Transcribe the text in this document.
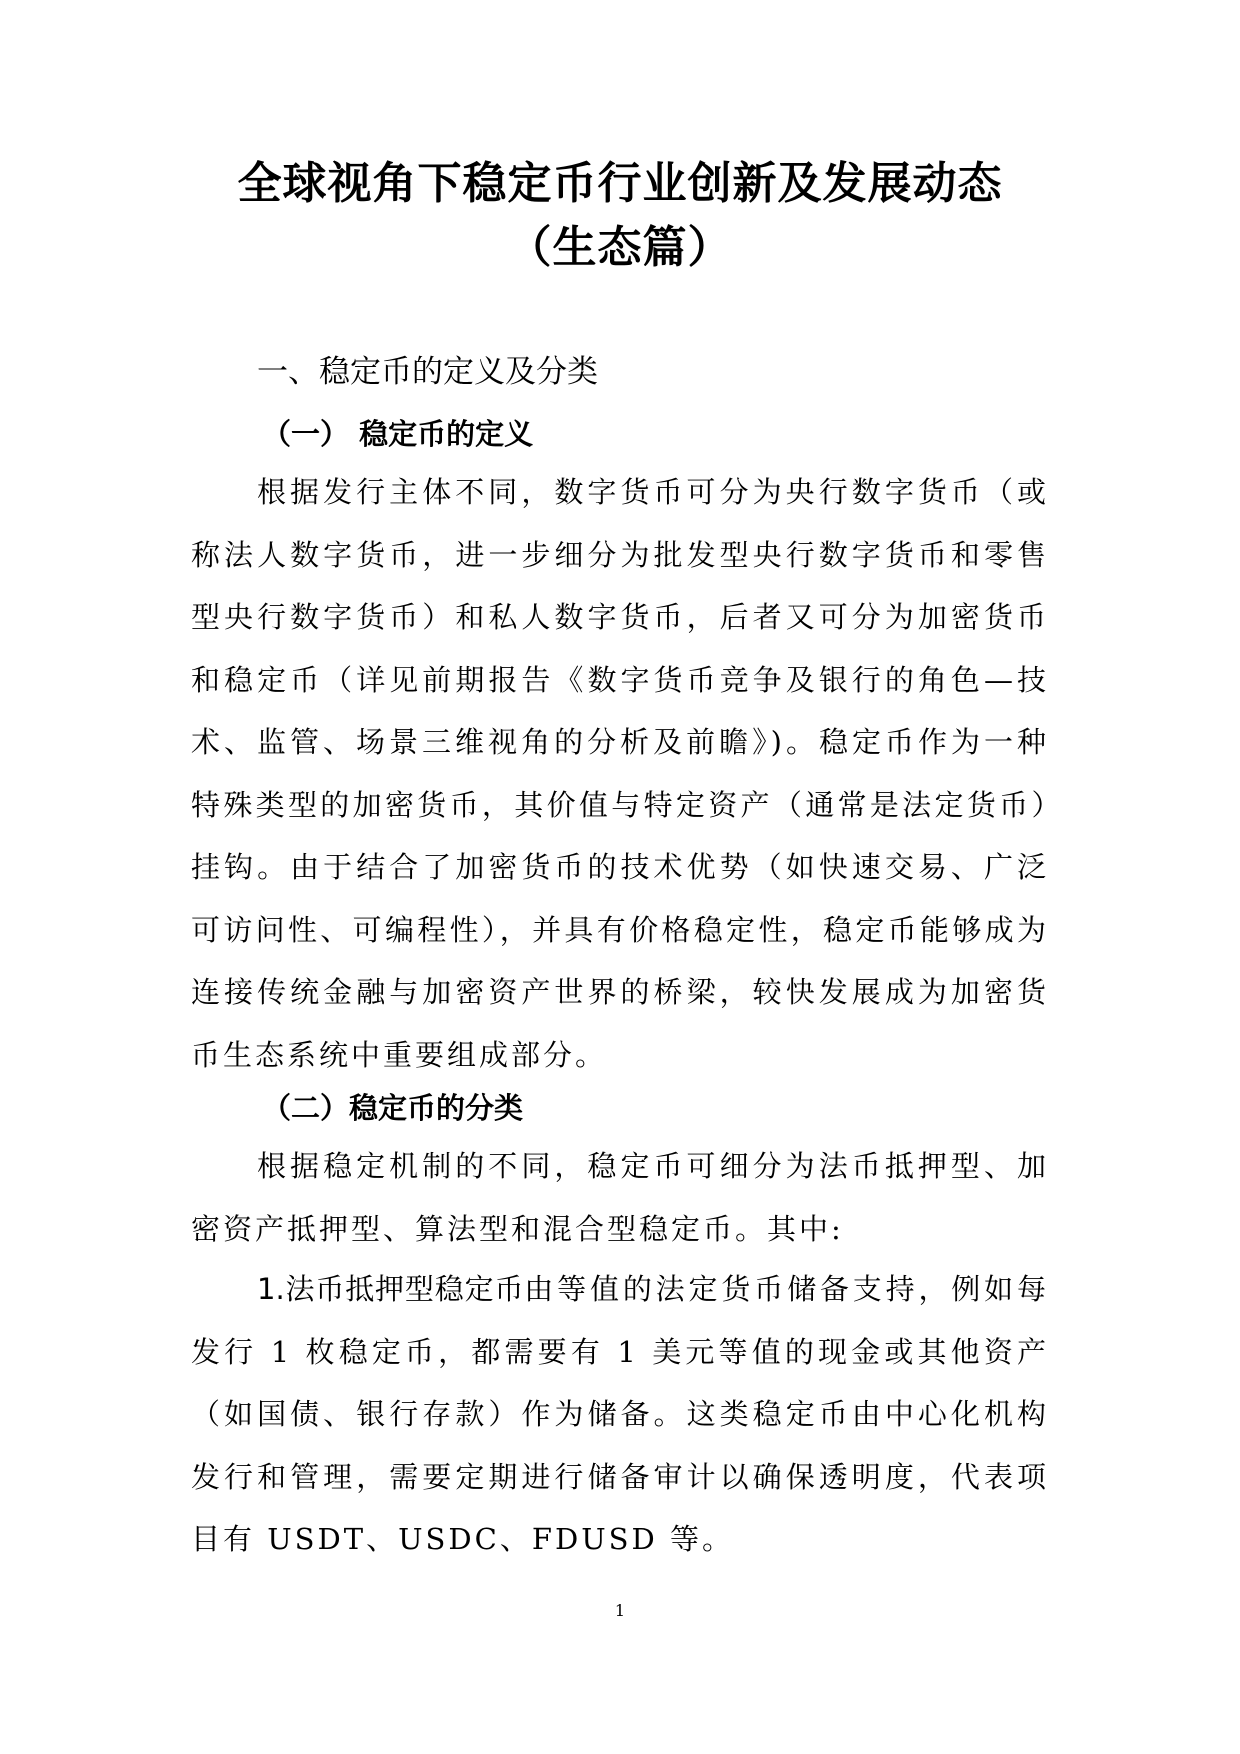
全球视角下稳定币行业创新及发展动态
（生态篇）
一、稳定币的定义及分类
（一） 稳定币的定义

根据发行主体不同，数字货币可分为央行数字货币（或称法人数字货币，进一步细分为批发型央行数字货币和零售型央行数字货币）和私人数字货币，后者又可分为加密货币和稳定币（详见前期报告《数字货币竞争及银行的角色—技术、监管、场景三维视角的分析及前瞻》)。稳定币作为一种特殊类型的加密货币，其价值与特定资产（通常是法定货币）挂钩。由于结合了加密货币的技术优势（如快速交易、广泛可访问性、可编程性），并具有价格稳定性，稳定币能够成为连接传统金融与加密资产世界的桥梁，较快发展成为加密货币生态系统中重要组成部分。

（二）稳定币的分类

根据稳定机制的不同，稳定币可细分为法币抵押型、加密资产抵押型、算法型和混合型稳定币。其中:

1.法币抵押型稳定币由等值的法定货币储备支持，例如每发行 1 枚稳定币，都需要有 1 美元等值的现金或其他资产（如国债、银行存款）作为储备。这类稳定币由中心化机构发行和管理，需要定期进行储备审计以确保透明度，代表项目有 USDT、USDC、FDUSD 等。

1
